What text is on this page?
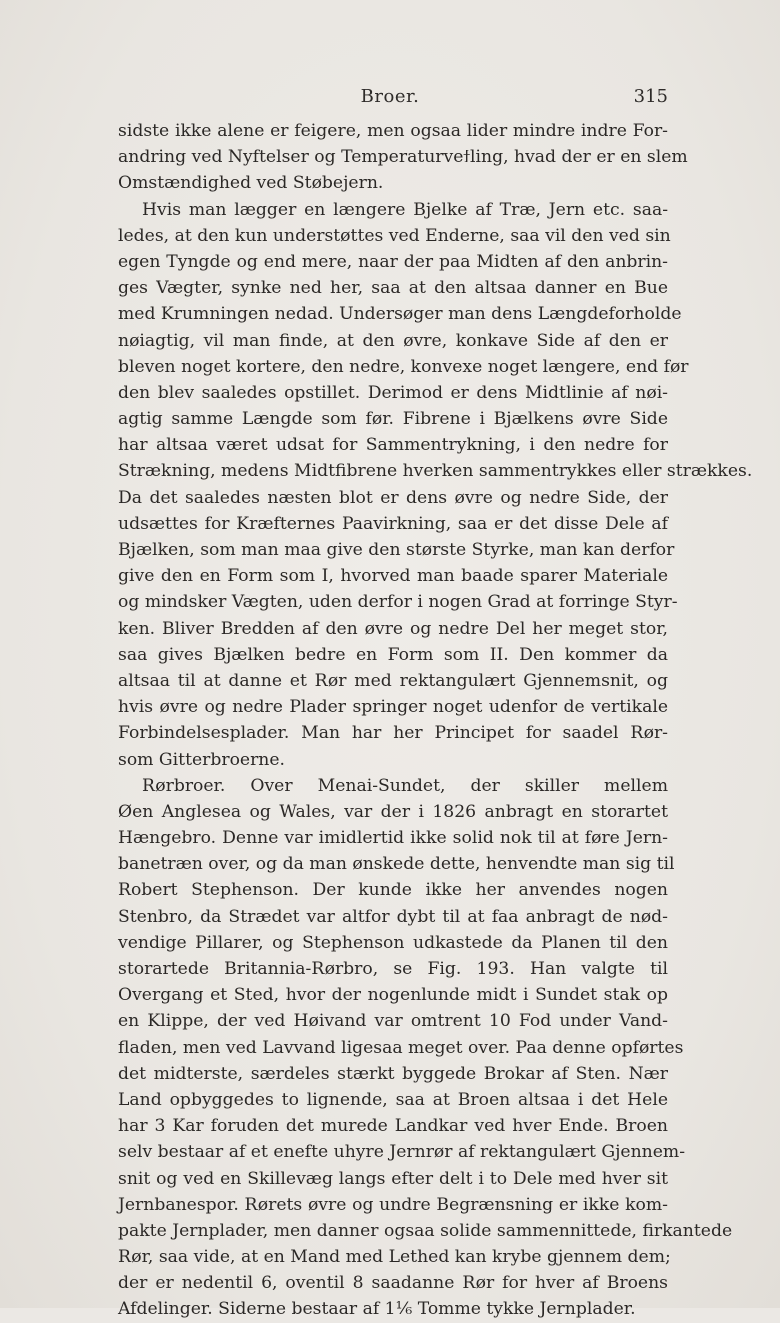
Broer.	315
sidste ikke alene er feigere, men ogsaa lider mindre indre For-
andring ved Nyftelser og Temperaturveϯling, hvad der er en slem
Omstændighed ved Støbejern.
Hvis man lægger en længere Bjelke af Træ, Jern etc. saa-
ledes, at den kun understøttes ved Enderne, saa vil den ved sin
egen Tyngde og end mere, naar der paa Midten af den anbrin-
ges Vægter, synke ned her, saa at den altsaa danner en Bue
med Krumningen nedad. Undersøger man dens Længdeforholde
nøiagtig, vil man finde, at den øvre, konkave Side af den er
bleven noget kortere, den nedre, konvexe noget længere, end før
den blev saaledes opstillet. Derimod er dens Midtlinie af nøi-
agtig samme Længde som før. Fibrene i Bjælkens øvre Side
har altsaa været udsat for Sammentrykning, i den nedre for
Strækning, medens Midtfibrene hverken sammentrykkes eller strækkes.
Da det saaledes næsten blot er dens øvre og nedre Side, der
udsættes for Kræfternes Paavirkning, saa er det disse Dele af
Bjælken, som man maa give den største Styrke, man kan derfor
give den en Form som I, hvorved man baade sparer Materiale
og mindsker Vægten, uden derfor i nogen Grad at forringe Styr-
ken. Bliver Bredden af den øvre og nedre Del her meget stor,
saa gives Bjælken bedre en Form som II. Den kommer da
altsaa til at danne et Rør med rektangulært Gjennemsnit, og
hvis øvre og nedre Plader springer noget udenfor de vertikale
Forbindelsesplader. Man har her Principet for saadel Rør-
som Gitterbroerne.
Rørbroer. Over Menai-Sundet, der skiller mellem
Øen Anglesea og Wales, var der i 1826 anbragt en storartet
Hængebro. Denne var imidlertid ikke solid nok til at føre Jern-
banetræn over, og da man ønskede dette, henvendte man sig til
Robert Stephenson. Der kunde ikke her anvendes nogen
Stenbro, da Strædet var altfor dybt til at faa anbragt de nød-
vendige Pillarer, og Stephenson udkastede da Planen til den
storartede Britannia-Rørbro, se Fig. 193. Han valgte til
Overgang et Sted, hvor der nogenlunde midt i Sundet stak op
en Klippe, der ved Høivand var omtrent 10 Fod under Vand-
fladen, men ved Lavvand ligesaa meget over. Paa denne opførtes
det midterste, særdeles stærkt byggede Brokar af Sten. Nær
Land opbyggedes to lignende, saa at Broen altsaa i det Hele
har 3 Kar foruden det murede Landkar ved hver Ende. Broen
selv bestaar af et enefte uhyre Jernrør af rektangulært Gjennem-
snit og ved en Skillevæg langs efter delt i to Dele med hver sit
Jernbanespor. Rørets øvre og undre Begrænsning er ikke kom-
pakte Jernplader, men danner ogsaa solide sammennittede, firkantede
Rør, saa vide, at en Mand med Lethed kan krybe gjennem dem;
der er nedentil 6, oventil 8 saadanne Rør for hver af Broens
Afdelinger. Siderne bestaar af 1¹⁄₆ Tomme tykke Jernplader.
